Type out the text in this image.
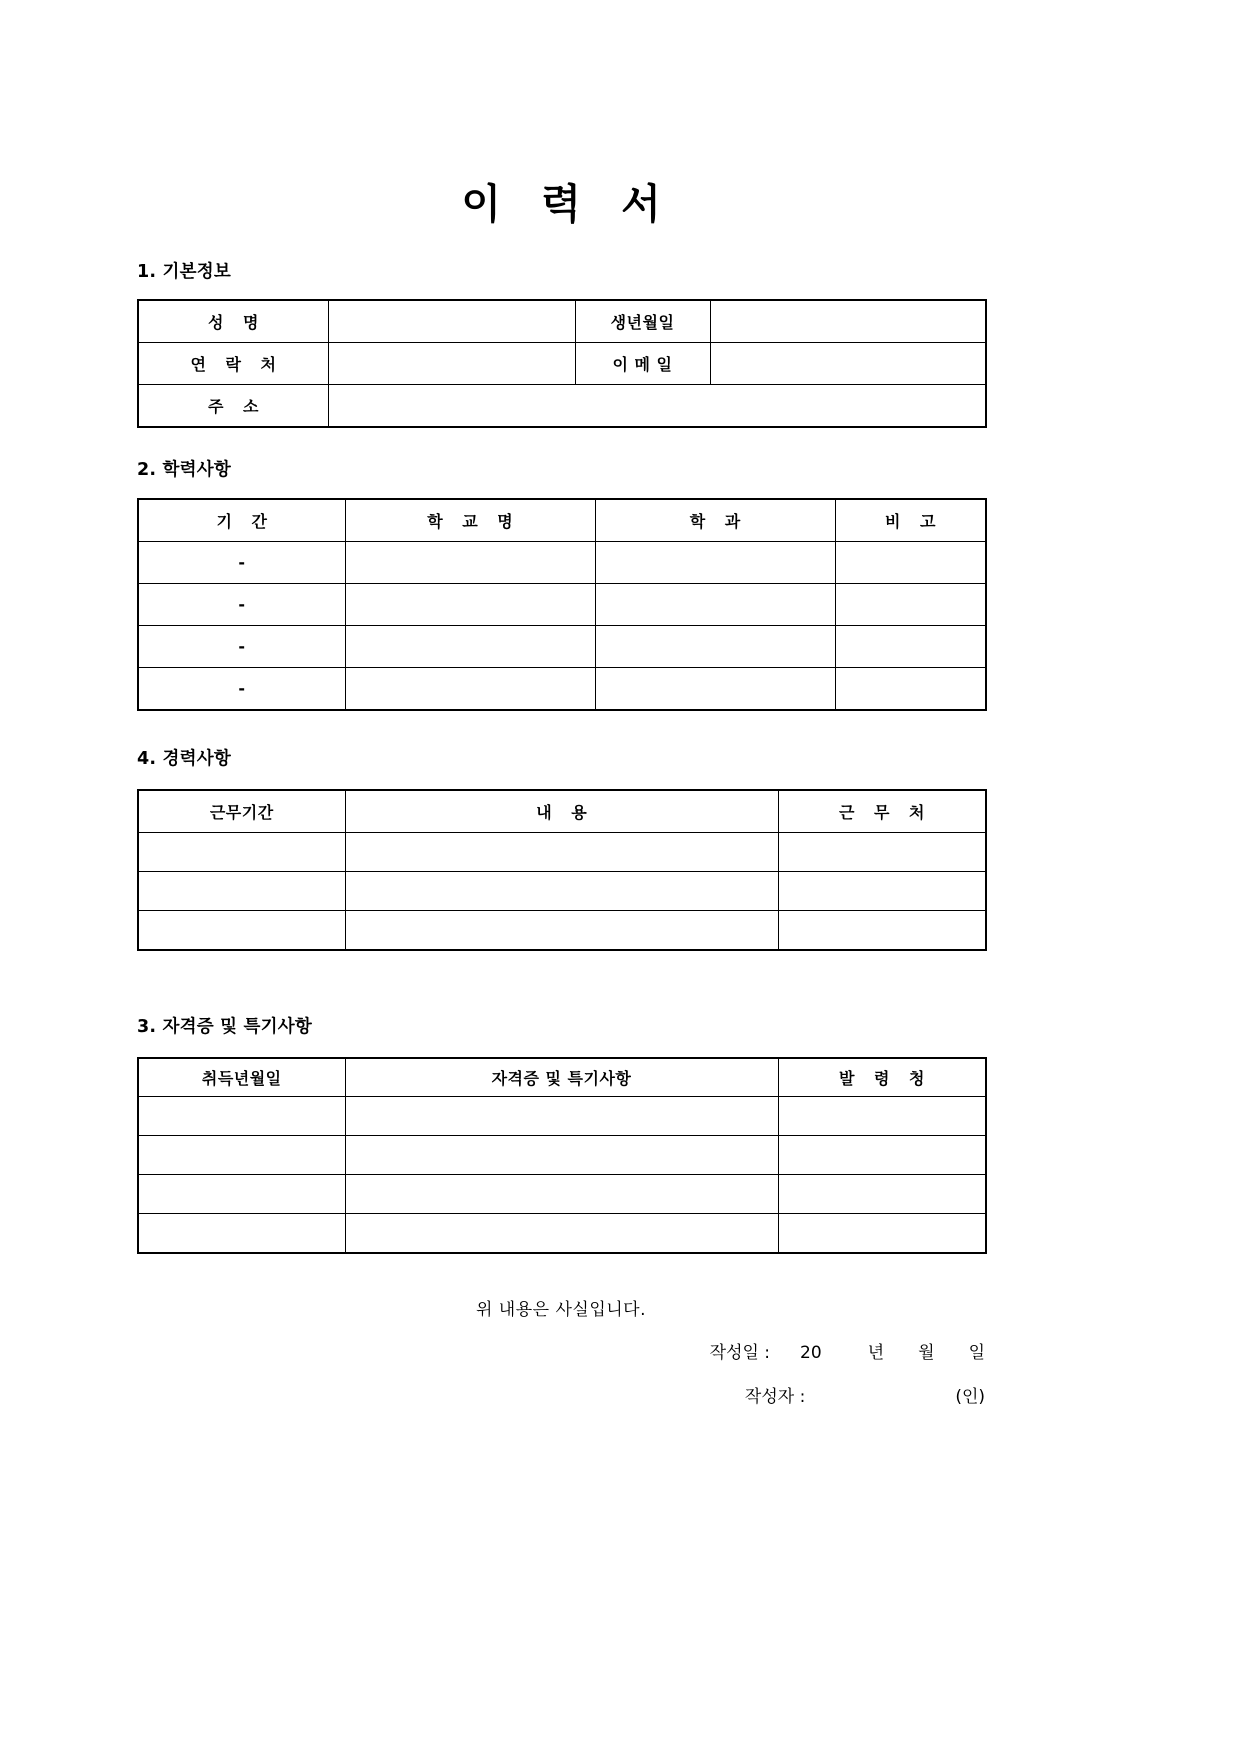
이 력 서
1. 기본정보
성 명		생년월일	
연 락 처		이 메 일	
주 소			
2. 학력사항
기 간	학 교 명	학 과	비 고
-			
-			
-			
-			
4. 경력사항
근무기간	내 용	근 무 처

3. 자격증 및 특기사항
취득년월일	자격증 및 특기사항	발 령 청

위 내용은 사실입니다.
작성일 : 20	년 월 일
작성자 :	(인)
